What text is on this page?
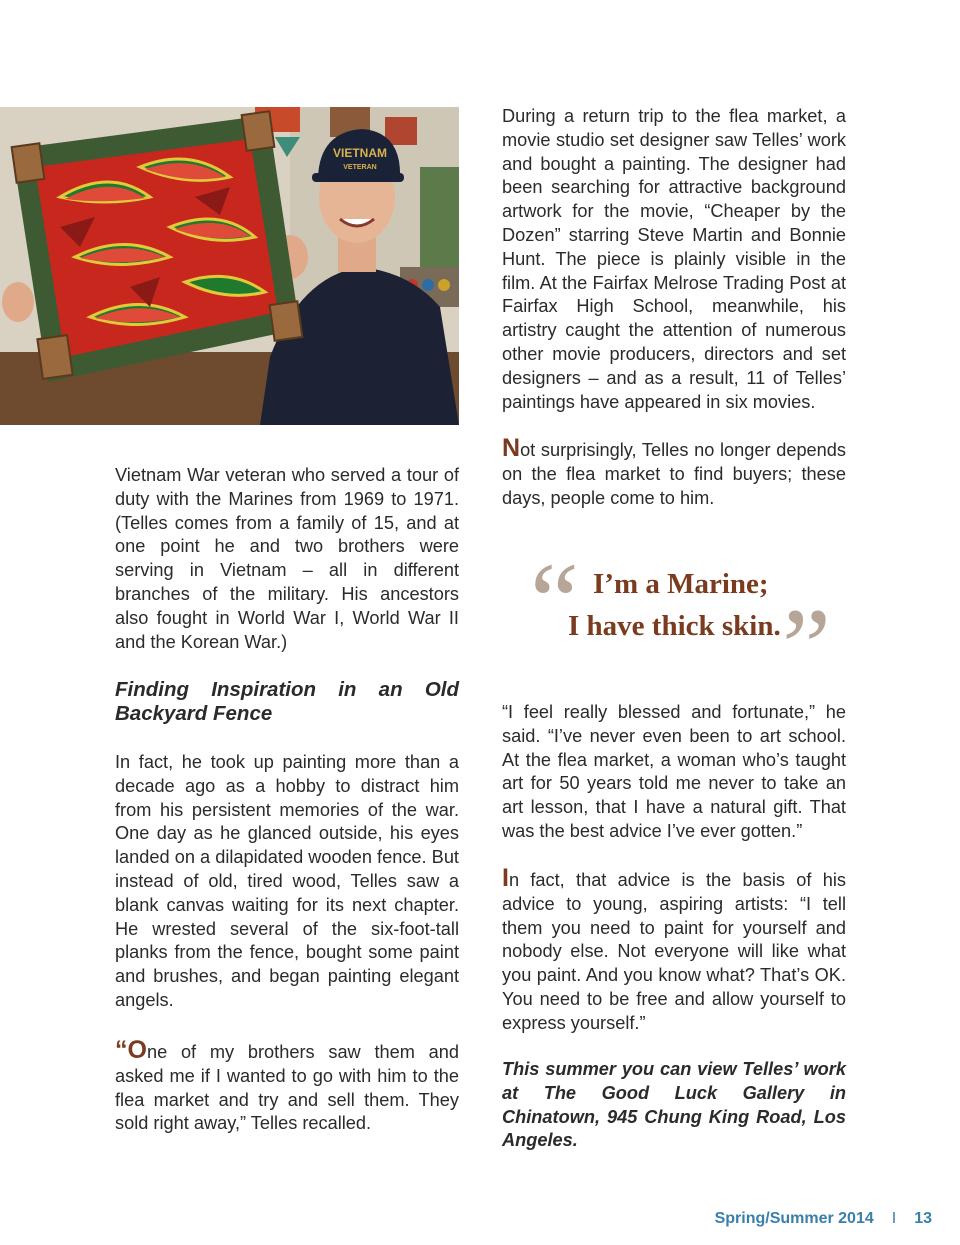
VIETNAM
VETERAN

Vietnam War veteran who served a tour of duty with the Marines from 1969 to 1971. (Telles comes from a family of 15, and at one point he and two brothers were serving in Vietnam – all in different branches of the military. His ancestors also fought in World War I, World War II and the Korean War.)

Finding Inspiration in an Old Backyard Fence

In fact, he took up painting more than a decade ago as a hobby to distract him from his persistent memories of the war. One day as he glanced outside, his eyes landed on a dilapidated wooden fence. But instead of old, tired wood, Telles saw a blank canvas waiting for its next chapter. He wrested several of the six-foot-tall planks from the fence, bought some paint and brushes, and began painting elegant angels.

“One of my brothers saw them and asked me if I wanted to go with him to the flea market and try and sell them. They sold right away,” Telles recalled.

During a return trip to the flea market, a movie studio set designer saw Telles’ work and bought a painting. The designer had been searching for attractive background artwork for the movie, “Cheaper by the Dozen” starring Steve Martin and Bonnie Hunt. The piece is plainly visible in the film. At the Fairfax Melrose Trading Post at Fairfax High School, meanwhile, his artistry caught the attention of numerous other movie producers, directors and set designers – and as a result, 11 of Telles’ paintings have appeared in six movies.

Not surprisingly, Telles no longer depends on the flea market to find buyers; these days, people come to him.

“ I’m a Marine;
I have thick skin. ”

“I feel really blessed and fortunate,” he said. “I’ve never even been to art school. At the flea market, a woman who’s taught art for 50 years told me never to take an art lesson, that I have a natural gift. That was the best advice I’ve ever gotten.”

In fact, that advice is the basis of his advice to young, aspiring artists: “I tell them you need to paint for yourself and nobody else. Not everyone will like what you paint. And you know what? That’s OK. You need to be free and allow yourself to express yourself.”

This summer you can view Telles’ work at The Good Luck Gallery in Chinatown, 945 Chung King Road, Los Angeles.

Spring/Summer 2014 I 13
